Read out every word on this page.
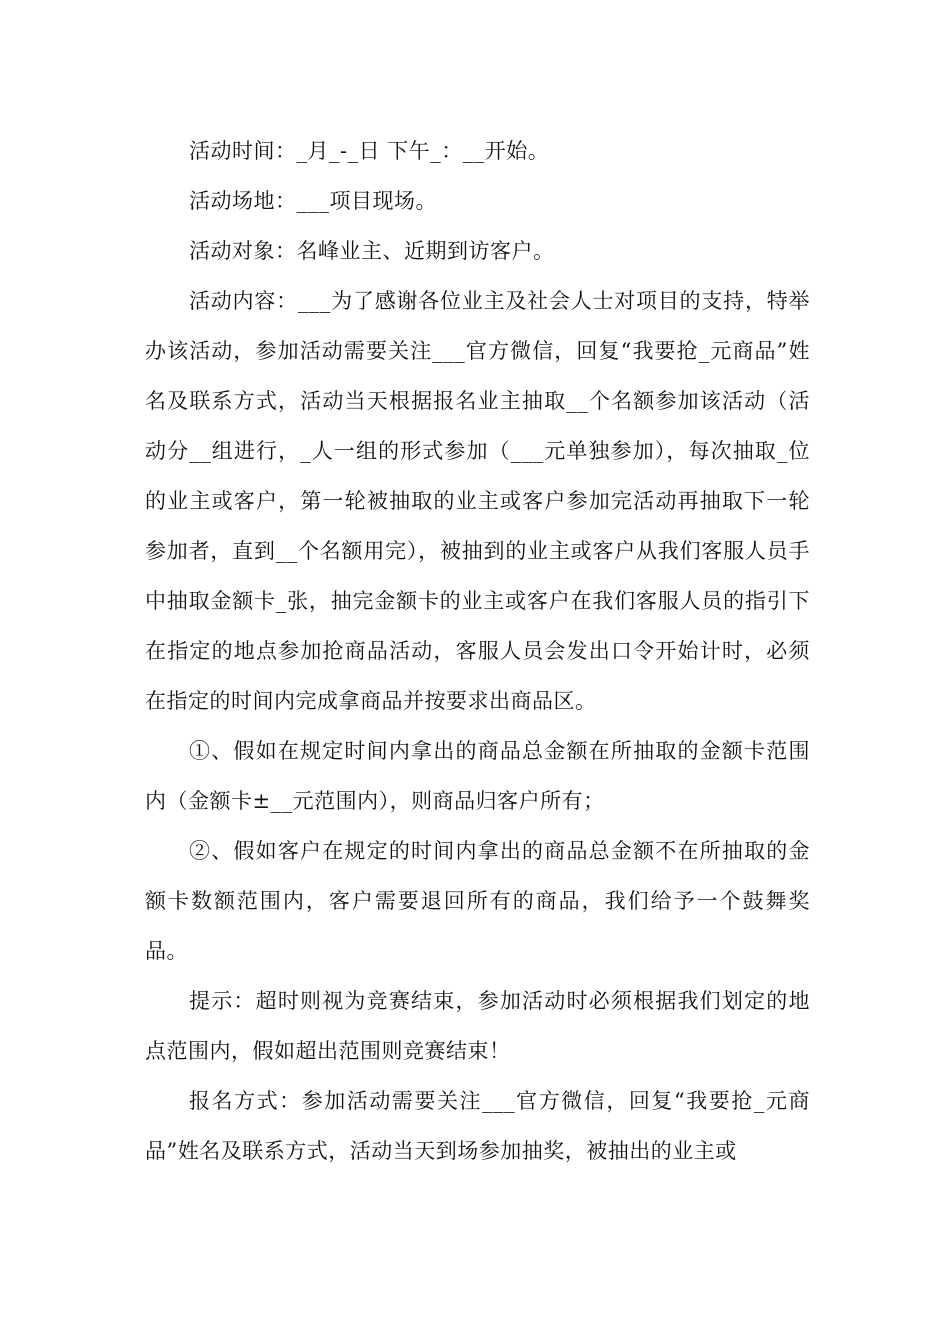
活动时间：_月_-_日 下午_：__开始。

活动场地：___项目现场。

活动对象：名峰业主、近期到访客户。

活动内容：___为了感谢各位业主及社会人士对项目的支持，特举办该活动，参加活动需要关注___官方微信，回复“我要抢_元商品”姓名及联系方式，活动当天根据报名业主抽取__个名额参加该活动（活动分__组进行，_人一组的形式参加（___元单独参加），每次抽取_位的业主或客户，第一轮被抽取的业主或客户参加完活动再抽取下一轮参加者，直到__个名额用完），被抽到的业主或客户从我们客服人员手中抽取金额卡_张，抽完金额卡的业主或客户在我们客服人员的指引下在指定的地点参加抢商品活动，客服人员会发出口令开始计时，必须在指定的时间内完成拿商品并按要求出商品区。

①、假如在规定时间内拿出的商品总金额在所抽取的金额卡范围内（金额卡±__元范围内），则商品归客户所有；

②、假如客户在规定的时间内拿出的商品总金额不在所抽取的金额卡数额范围内，客户需要退回所有的商品，我们给予一个鼓舞奖品。

提示：超时则视为竞赛结束，参加活动时必须根据我们划定的地点范围内，假如超出范围则竞赛结束！

报名方式：参加活动需要关注___官方微信，回复“我要抢_元商品”姓名及联系方式，活动当天到场参加抽奖，被抽出的业主或
